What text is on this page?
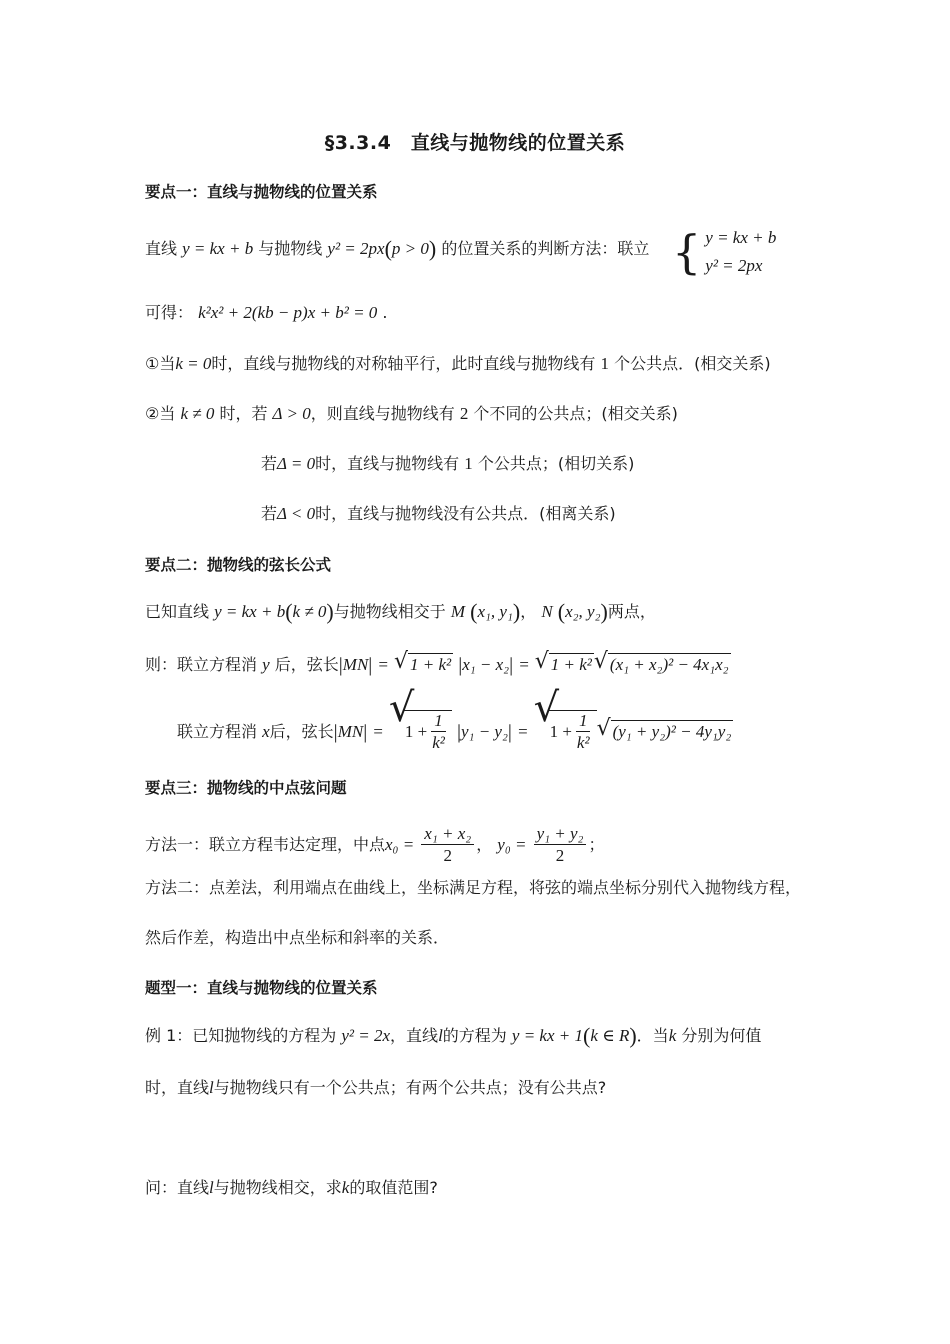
§3.3.4　直线与抛物线的位置关系
要点一：直线与抛物线的位置关系
直线 y = kx + b 与抛物线 y² = 2px(p > 0) 的位置关系的判断方法：联立 { y = kx + b
y² = 2px
可得： k²x² + 2(kb − p)x + b² = 0 .
①当k = 0时，直线与抛物线的对称轴平行，此时直线与抛物线有 1 个公共点．(相交关系)
②当 k ≠ 0 时，若 Δ > 0，则直线与抛物线有 2 个不同的公共点；(相交关系)
若Δ = 0时，直线与抛物线有 1 个公共点；(相切关系)
若Δ < 0时，直线与抛物线没有公共点．(相离关系)
要点二：抛物线的弦长公式
已知直线 y = kx + b(k ≠ 0)与抛物线相交于 M (x₁, y₁)， N (x₂, y₂)两点，
则：联立方程消 y 后，弦长|MN| = √ 1 + k² |x₁ − x₂| = √ 1 + k² √ (x₁ + x₂)² − 4x₁x₂
联立方程消 x后，弦长|MN| = √ $1 + \frac{1}{\text{k²}} |y_1 - y_2|$ = √ $1 + \frac{1}{\text{k²}}$ √ (y₁ + y₂)² − 4y₁y₂
要点三：抛物线的中点弦问题
方法一：联立方程韦达定理，中点$x_0 = \frac{\text{x₁ + x₂}}{2}$ ， $y_0 = \frac{\text{y₁ + y₂}}{2}$ ；
方法二：点差法，利用端点在曲线上，坐标满足方程，将弦的端点坐标分别代入抛物线方程，
然后作差，构造出中点坐标和斜率的关系．
题型一：直线与抛物线的位置关系
例 1：已知抛物线的方程为 y² = 2x，直线l的方程为 y = kx + 1(k ∈ R)．当k 分别为何值
时，直线l与抛物线只有一个公共点；有两个公共点；没有公共点?
问：直线l与抛物线相交，求k的取值范围?
